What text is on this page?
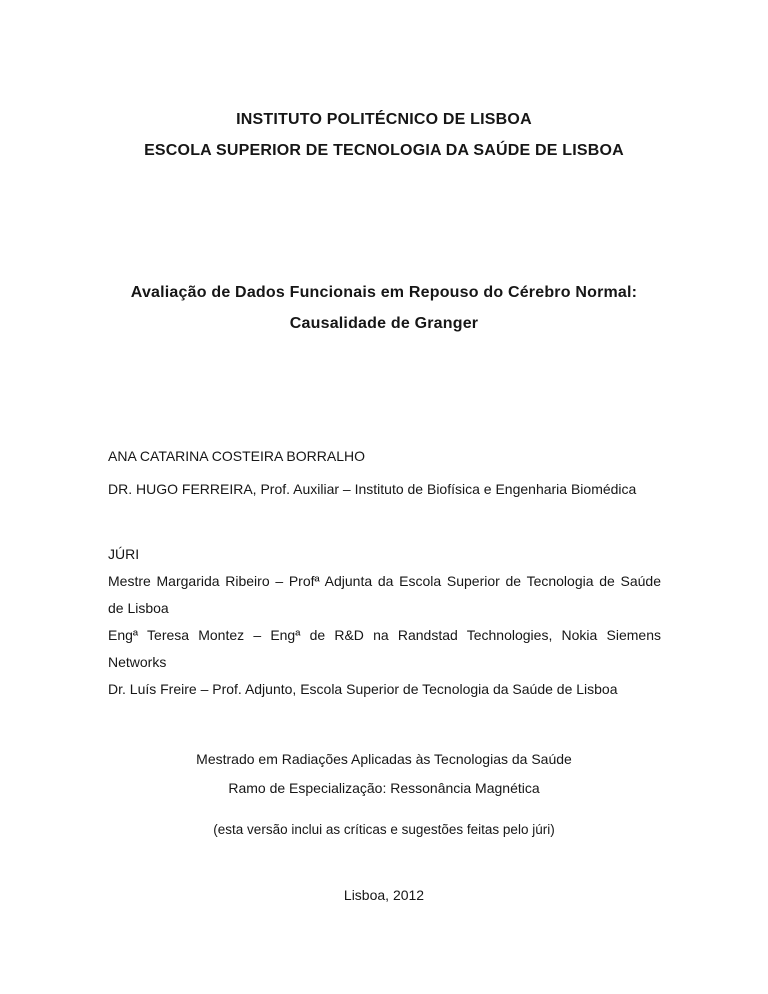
INSTITUTO POLITÉCNICO DE LISBOA
ESCOLA SUPERIOR DE TECNOLOGIA DA SAÚDE DE LISBOA
Avaliação de Dados Funcionais em Repouso do Cérebro Normal:
Causalidade de Granger
ANA CATARINA COSTEIRA BORRALHO
DR. HUGO FERREIRA, Prof. Auxiliar – Instituto de Biofísica e Engenharia Biomédica
JÚRI
Mestre Margarida Ribeiro – Profª Adjunta da Escola Superior de Tecnologia de Saúde
de Lisboa
Engª Teresa Montez – Engª de R&D na Randstad Technologies, Nokia Siemens
Networks
Dr. Luís Freire – Prof. Adjunto, Escola Superior de Tecnologia da Saúde de Lisboa
Mestrado em Radiações Aplicadas às Tecnologias da Saúde
Ramo de Especialização: Ressonância Magnética
(esta versão inclui as críticas e sugestões feitas pelo júri)
Lisboa, 2012
